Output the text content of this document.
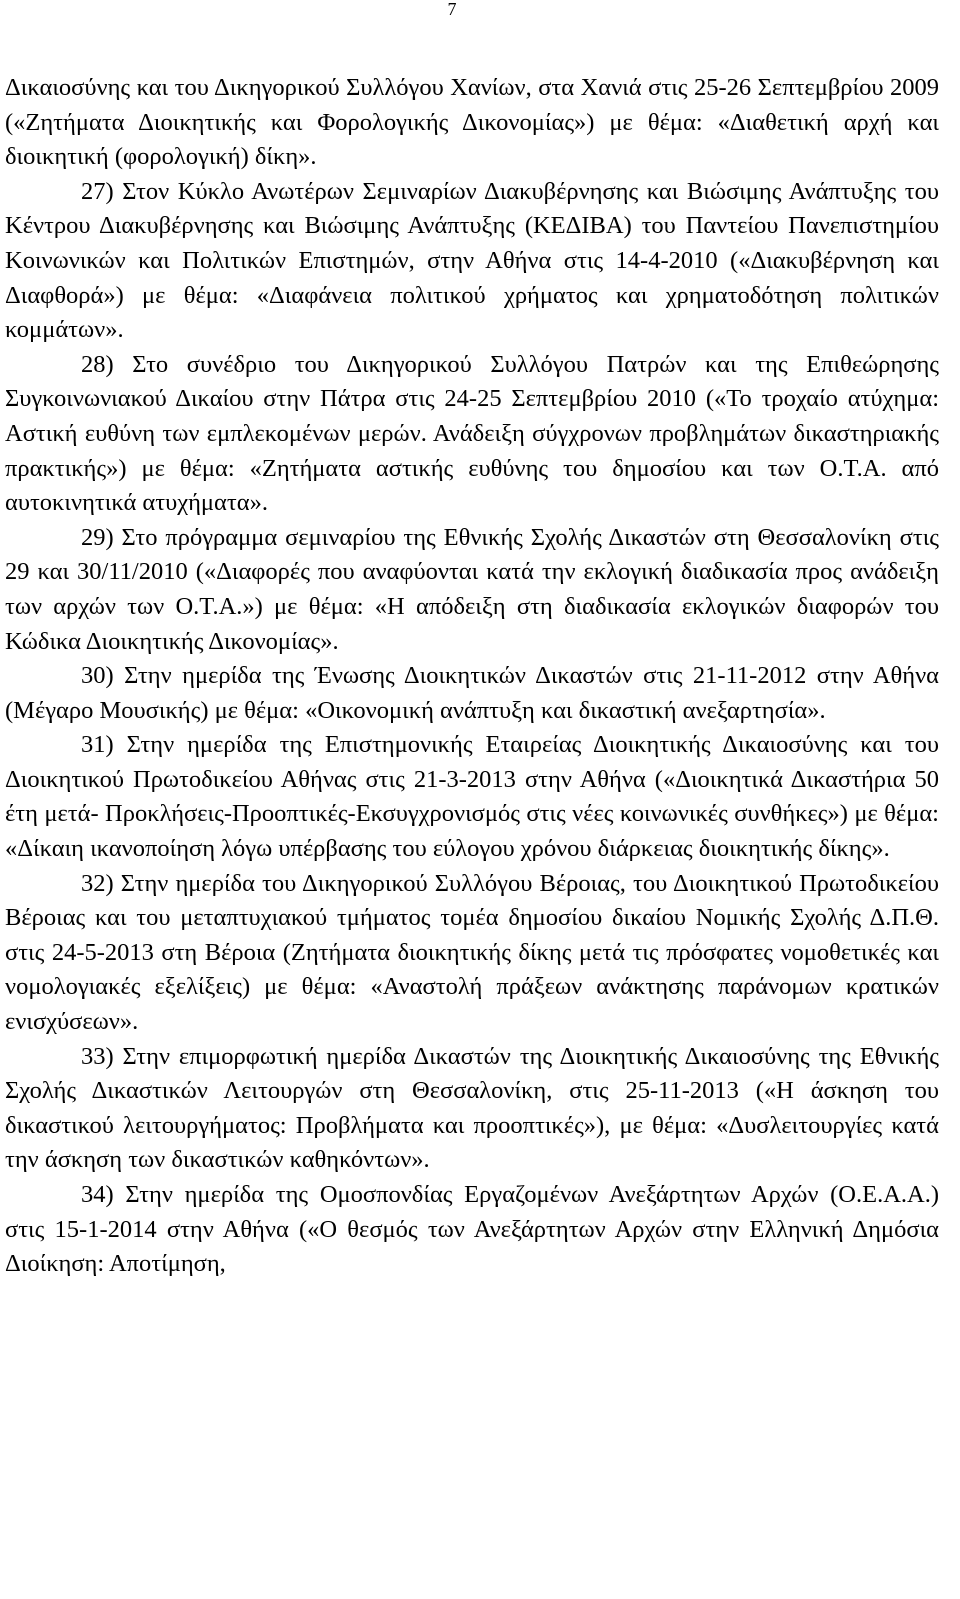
7

Δικαιοσύνης και του Δικηγορικού Συλλόγου Χανίων, στα Χανιά στις 25-26 Σεπτεμβρίου 2009 («Ζητήματα Διοικητικής και Φορολογικής Δικονομίας») με θέμα: «Διαθετική αρχή και διοικητική (φορολογική) δίκη».

27) Στον Κύκλο Ανωτέρων Σεμιναρίων Διακυβέρνησης και Βιώσιμης Ανάπτυξης του Κέντρου Διακυβέρνησης και Βιώσιμης Ανάπτυξης (ΚΕΔΙΒΑ) του Παντείου Πανεπιστημίου Κοινωνικών και Πολιτικών Επιστημών, στην Αθήνα στις 14-4-2010 («Διακυβέρνηση και Διαφθορά») με θέμα: «Διαφάνεια πολιτικού χρήματος και χρηματοδότηση πολιτικών κομμάτων».

28) Στο συνέδριο του Δικηγορικού Συλλόγου Πατρών και της Επιθεώρησης Συγκοινωνιακού Δικαίου στην Πάτρα στις 24-25 Σεπτεμβρίου 2010 («Το τροχαίο ατύχημα: Αστική ευθύνη των εμπλεκομένων μερών. Ανάδειξη σύγχρονων προβλημάτων δικαστηριακής πρακτικής») με θέμα: «Ζητήματα αστικής ευθύνης του δημοσίου και των Ο.Τ.Α. από αυτοκινητικά ατυχήματα».

29) Στο πρόγραμμα σεμιναρίου της Εθνικής Σχολής Δικαστών στη Θεσσαλονίκη στις 29 και 30/11/2010 («Διαφορές που αναφύονται κατά την εκλογική διαδικασία προς ανάδειξη των αρχών των Ο.Τ.Α.») με θέμα: «Η απόδειξη στη διαδικασία εκλογικών διαφορών του Κώδικα Διοικητικής Δικονομίας».

30) Στην ημερίδα της Ένωσης Διοικητικών Δικαστών στις 21-11-2012 στην Αθήνα (Μέγαρο Μουσικής) με θέμα: «Οικονομική ανάπτυξη και δικαστική ανεξαρτησία».

31) Στην ημερίδα της Επιστημονικής Εταιρείας Διοικητικής Δικαιοσύνης και του Διοικητικού Πρωτοδικείου Αθήνας στις 21-3-2013 στην Αθήνα («Διοικητικά Δικαστήρια 50 έτη μετά- Προκλήσεις-Προοπτικές-Εκσυγχρονισμός στις νέες κοινωνικές συνθήκες») με θέμα: «Δίκαιη ικανοποίηση λόγω υπέρβασης του εύλογου χρόνου διάρκειας διοικητικής δίκης».

32) Στην ημερίδα του Δικηγορικού Συλλόγου Βέροιας, του Διοικητικού Πρωτοδικείου Βέροιας και του μεταπτυχιακού τμήματος τομέα δημοσίου δικαίου Νομικής Σχολής Δ.Π.Θ. στις 24-5-2013 στη Βέροια (Ζητήματα διοικητικής δίκης μετά τις πρόσφατες νομοθετικές και νομολογιακές εξελίξεις) με θέμα: «Αναστολή πράξεων ανάκτησης παράνομων κρατικών ενισχύσεων».

33) Στην επιμορφωτική ημερίδα Δικαστών της Διοικητικής Δικαιοσύνης της Εθνικής Σχολής Δικαστικών Λειτουργών στη Θεσσαλονίκη, στις 25-11-2013 («Η άσκηση του δικαστικού λειτουργήματος: Προβλήματα και προοπτικές»), με θέμα: «Δυσλειτουργίες κατά την άσκηση των δικαστικών καθηκόντων».

34) Στην ημερίδα της Ομοσπονδίας Εργαζομένων Ανεξάρτητων Αρχών (Ο.Ε.Α.Α.) στις 15-1-2014 στην Αθήνα («Ο θεσμός των Ανεξάρτητων Αρχών στην Ελληνική Δημόσια Διοίκηση: Αποτίμηση,
